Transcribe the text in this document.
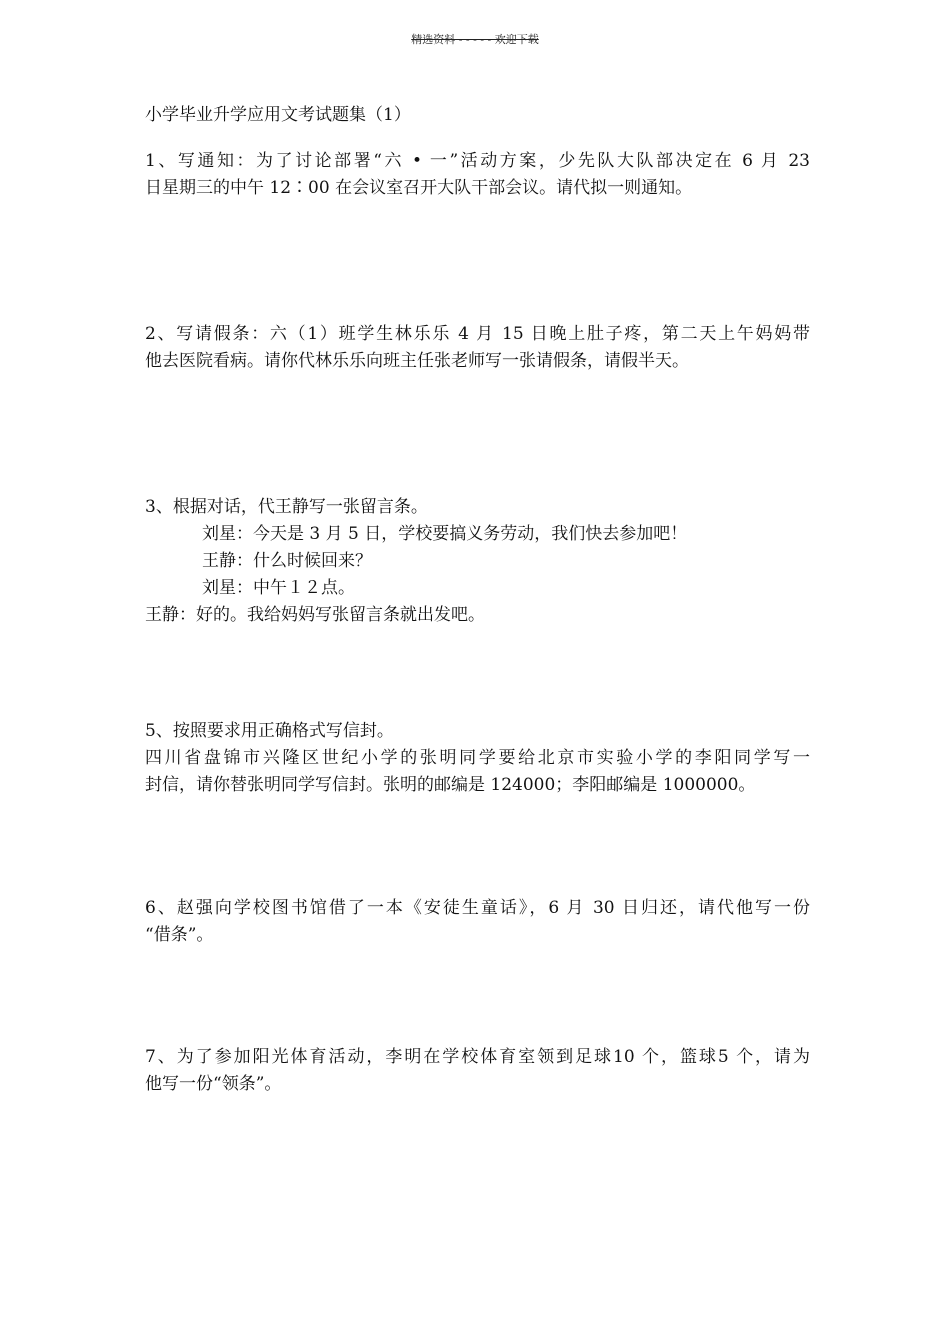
精选资料 - - - - - 欢迎下载
小学毕业升学应用文考试题集（1）

1、写通知：为了讨论部署“六 • 一”活动方案，少先队大队部决定在 6 月 23

日星期三的中午 12∶00 在会议室召开大队干部会议。请代拟一则通知。

2、写请假条：六（1）班学生林乐乐 4 月 15 日晚上肚子疼，第二天上午妈妈带

他去医院看病。请你代林乐乐向班主任张老师写一张请假条，请假半天。

3、根据对话，代王静写一张留言条。

刘星：今天是 3 月 5 日，学校要搞义务劳动，我们快去参加吧！

王静：什么时候回来？

刘星：中午１２点。

王静：好的。我给妈妈写张留言条就出发吧。

5、按照要求用正确格式写信封。

四川省盘锦市兴隆区世纪小学的张明同学要给北京市实验小学的李阳同学写一

封信，请你替张明同学写信封。张明的邮编是 124000；李阳邮编是 1000000。

6、赵强向学校图书馆借了一本《安徒生童话》，6 月 30 日归还，请代他写一份

“借条”。

7、为了参加阳光体育活动，李明在学校体育室领到足球10 个，篮球5 个，请为

他写一份“领条”。
